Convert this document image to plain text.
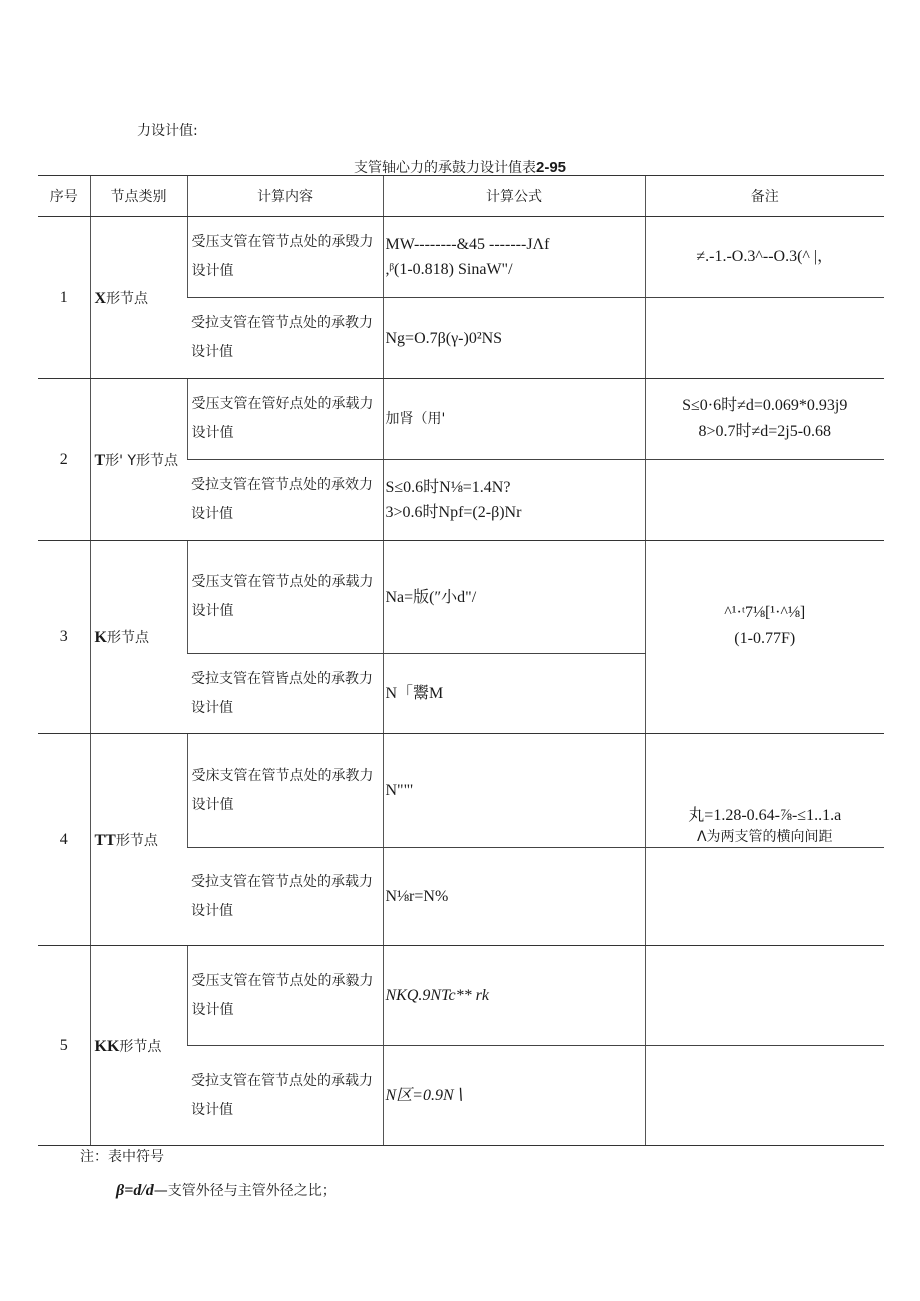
力设计值:
支管轴心力的承鼓力设计值表2-95
序号	节点类别	计算内容	计算公式	备注
1	X形节点	受压支管在管节点处的承毁力设计值	MW--------&45 -------JΛf
,ᵝ(1-0.818) SinaW"/	≠.-1.-O.3^--O.3(^ |，

		受拉支管在管节点处的承教力设计值	Ng=O.7β(γ-)0²NS	

2	T形' Y形节点	受压支管在管好点处的承载力设计值	加肾（用'	S≤0·6时≠d=0.069*0.93j9
8>0.7时≠d=2j5-0.68

		受拉支管在管节点处的承效力设计值	S≤0.6时N⅛=1.4N?
3>0.6时Npf=(2-β)Nr	

3	K形节点	受压支管在管节点处的承载力设计值	Na=版(″小d"/	^¹·ᵗ7⅛[¹·^⅛]
(1-0.77F)

		受拉支管在管皆点处的承教力设计值	N「鬻M	

4	TT形节点	受床支管在管节点处的承教力设计值	N""'	丸=1.28-0.64-⅞-≤1..1.a
Λ为两支管的横向间距

		受拉支管在管节点处的承载力设计值	N⅛r=N%	

5	KK形节点	受压支管在管节点处的承毅力设计值	NKQ.9NTc** rk	

		受拉支管在管节点处的承载力设计值	N区=0.9N∖	

注：表中符号
β=d/d—支管外径与主管外径之比；
